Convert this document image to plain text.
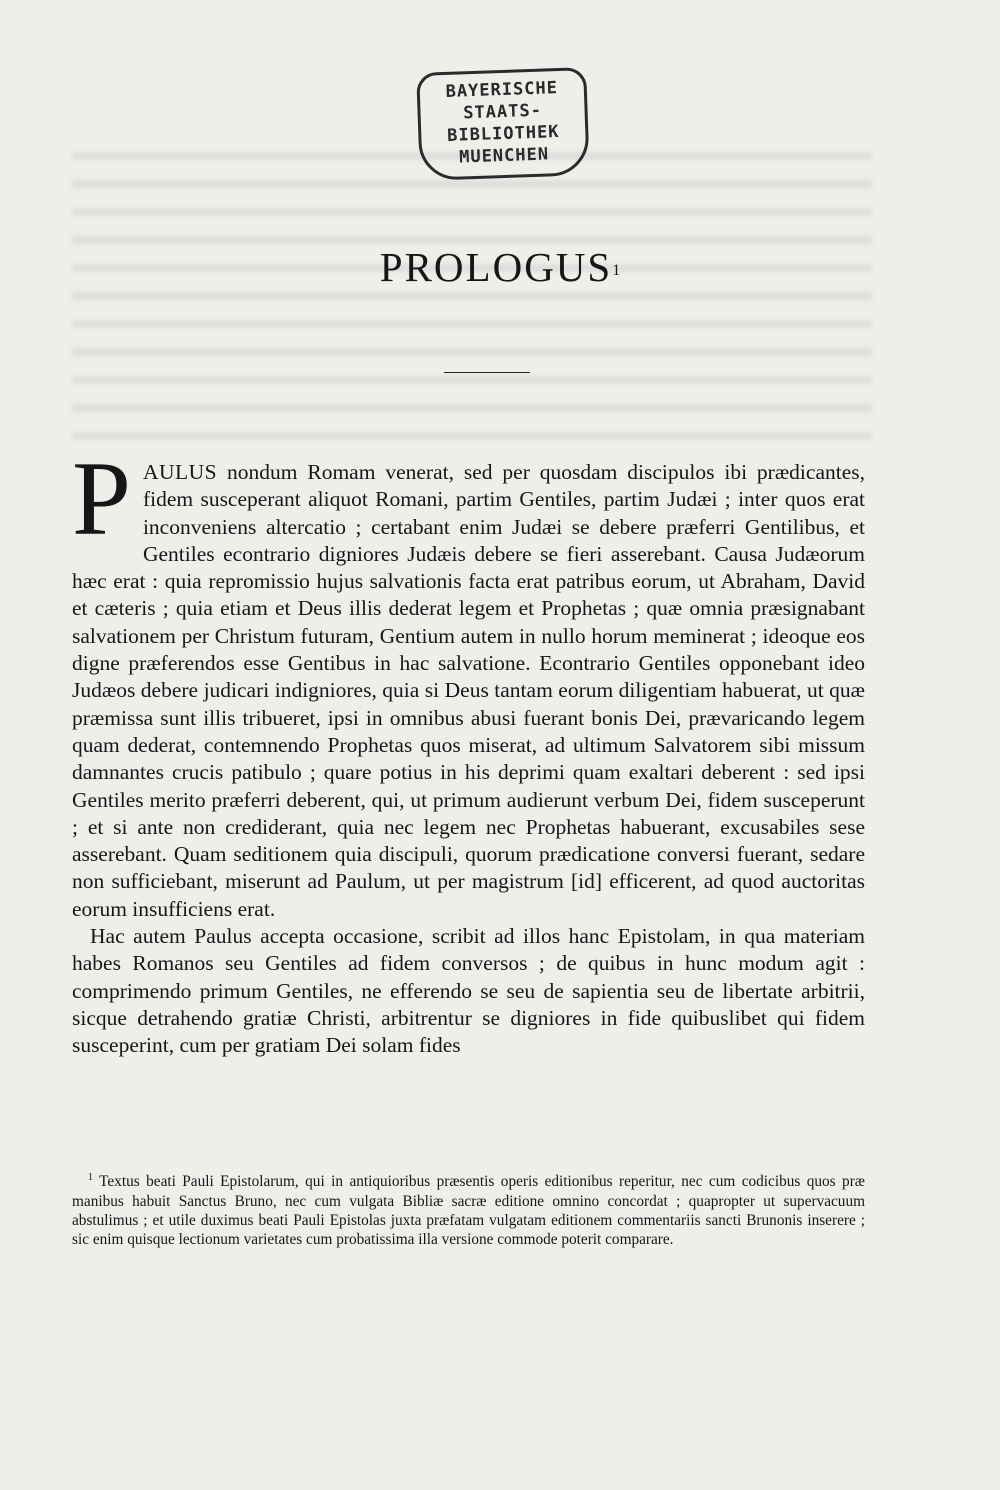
BAYERISCHE
STAATS-
BIBLIOTHEK
MUENCHEN
PROLOGUS$^1$

PAULUS nondum Romam venerat, sed per quosdam discipulos ibi prædicantes, fidem susceperant aliquot Romani, partim Gentiles, partim Judæi ; inter quos erat inconveniens altercatio ; certabant enim Judæi se debere præferri Gentilibus, et Gentiles econtrario digniores Judæis debere se fieri asserebant. Causa Judæorum hæc erat : quia repromissio hujus salvationis facta erat patribus eorum, ut Abraham, David et cæteris ; quia etiam et Deus illis dederat legem et Prophetas ; quæ omnia præsignabant salvationem per Christum futuram, Gentium autem in nullo horum meminerat ; ideoque eos digne præferendos esse Gentibus in hac salvatione. Econtrario Gentiles opponebant ideo Judæos debere judicari indigniores, quia si Deus tantam eorum diligentiam habuerat, ut quæ præmissa sunt illis tribueret, ipsi in omnibus abusi fuerant bonis Dei, prævaricando legem quam dederat, contemnendo Prophetas quos miserat, ad ultimum Salvatorem sibi missum damnantes crucis patibulo ; quare potius in his deprimi quam exaltari deberent : sed ipsi Gentiles merito præferri deberent, qui, ut primum audierunt verbum Dei, fidem susceperunt ; et si ante non crediderant, quia nec legem nec Prophetas habuerant, excusabiles sese asserebant. Quam seditionem quia discipuli, quorum prædicatione conversi fuerant, sedare non sufficiebant, miserunt ad Paulum, ut per magistrum [id] efficerent, ad quod auctoritas eorum insufficiens erat.

Hac autem Paulus accepta occasione, scribit ad illos hanc Epistolam, in qua materiam habes Romanos seu Gentiles ad fidem conversos ; de quibus in hunc modum agit : comprimendo primum Gentiles, ne efferendo se seu de sapientia seu de libertate arbitrii, sicque detrahendo gratiæ Christi, arbitrentur se digniores in fide quibuslibet qui fidem susceperint, cum per gratiam Dei solam fides

$^1$ Textus beati Pauli Epistolarum, qui in antiquioribus præsentis operis editionibus reperitur, nec cum codicibus quos præ manibus habuit Sanctus Bruno, nec cum vulgata Bibliæ sacræ editione omnino concordat ; quapropter ut supervacuum abstulimus ; et utile duximus beati Pauli Epistolas juxta præfatam vulgatam editionem commentariis sancti Brunonis inserere ; sic enim quisque lectionum varietates cum probatissima illa versione commode poterit comparare.
